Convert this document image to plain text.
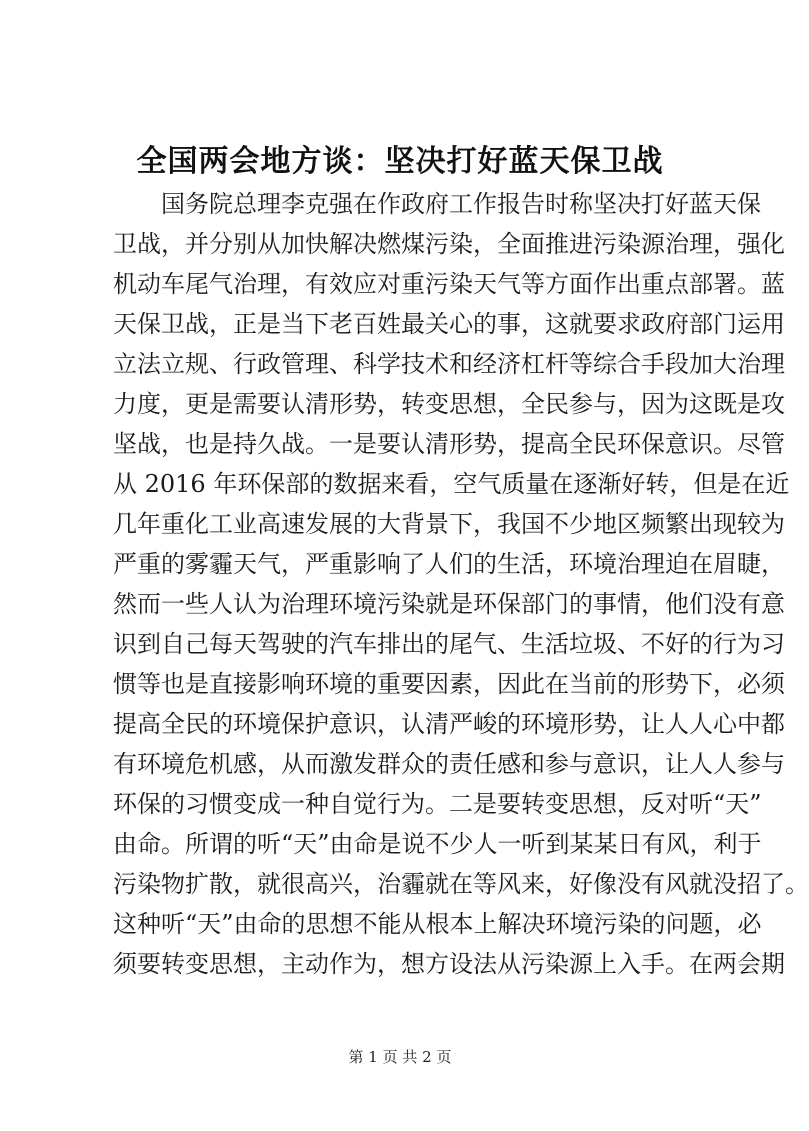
全国两会地方谈：坚决打好蓝天保卫战
　　国务院总理李克强在作政府工作报告时称坚决打好蓝天保
卫战，并分别从加快解决燃煤污染，全面推进污染源治理，强化
机动车尾气治理，有效应对重污染天气等方面作出重点部署。蓝
天保卫战，正是当下老百姓最关心的事，这就要求政府部门运用
立法立规、行政管理、科学技术和经济杠杆等综合手段加大治理
力度，更是需要认清形势，转变思想，全民参与，因为这既是攻
坚战，也是持久战。一是要认清形势，提高全民环保意识。尽管
从 2016 年环保部的数据来看，空气质量在逐渐好转，但是在近
几年重化工业高速发展的大背景下，我国不少地区频繁出现较为
严重的雾霾天气，严重影响了人们的生活，环境治理迫在眉睫，
然而一些人认为治理环境污染就是环保部门的事情，他们没有意
识到自己每天驾驶的汽车排出的尾气、生活垃圾、不好的行为习
惯等也是直接影响环境的重要因素，因此在当前的形势下，必须
提高全民的环境保护意识，认清严峻的环境形势，让人人心中都
有环境危机感，从而激发群众的责任感和参与意识，让人人参与
环保的习惯变成一种自觉行为。二是要转变思想，反对听“天”
由命。所谓的听“天”由命是说不少人一听到某某日有风，利于
污染物扩散，就很高兴，治霾就在等风来，好像没有风就没招了。
这种听“天”由命的思想不能从根本上解决环境污染的问题，必
须要转变思想，主动作为，想方设法从污染源上入手。在两会期
第 1 页 共 2 页
